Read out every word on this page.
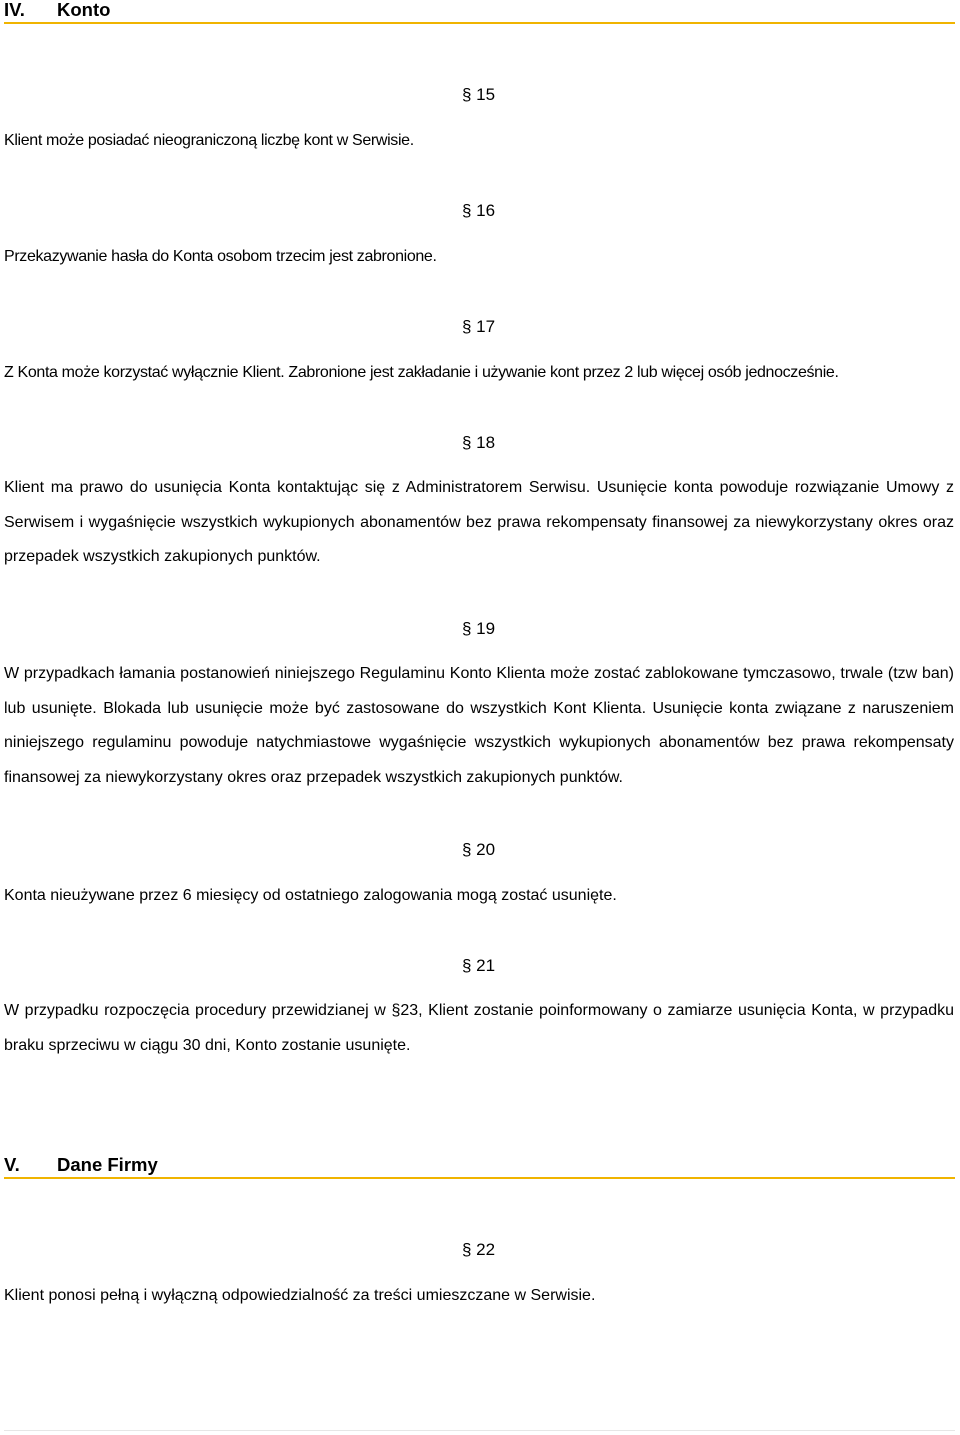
IV. Konto
§ 15
Klient może posiadać nieograniczoną liczbę kont w Serwisie.
§ 16
Przekazywanie hasła do Konta osobom trzecim jest zabronione.
§ 17
Z Konta może korzystać wyłącznie Klient. Zabronione jest zakładanie i używanie kont przez 2 lub więcej osób jednocześnie.
§ 18
Klient ma prawo do usunięcia Konta kontaktując się z Administratorem Serwisu. Usunięcie konta powoduje rozwiązanie Umowy z Serwisem i wygaśnięcie wszystkich wykupionych abonamentów bez prawa rekompensaty finansowej za niewykorzystany okres oraz przepadek wszystkich zakupionych punktów.
§ 19
W przypadkach łamania postanowień niniejszego Regulaminu Konto Klienta może zostać zablokowane tymczasowo, trwale (tzw ban) lub usunięte. Blokada lub usunięcie może być zastosowane do wszystkich Kont Klienta. Usunięcie konta związane z naruszeniem niniejszego regulaminu powoduje natychmiastowe wygaśnięcie wszystkich wykupionych abonamentów bez prawa rekompensaty finansowej za niewykorzystany okres oraz przepadek wszystkich zakupionych punktów.
§ 20
Konta nieużywane przez 6 miesięcy od ostatniego zalogowania mogą zostać usunięte.
§ 21
W przypadku rozpoczęcia procedury przewidzianej w §23, Klient zostanie poinformowany o zamiarze usunięcia Konta, w przypadku braku sprzeciwu w ciągu 30 dni, Konto zostanie usunięte.
V. Dane Firmy
§ 22
Klient ponosi pełną i wyłączną odpowiedzialność za treści umieszczane w Serwisie.
